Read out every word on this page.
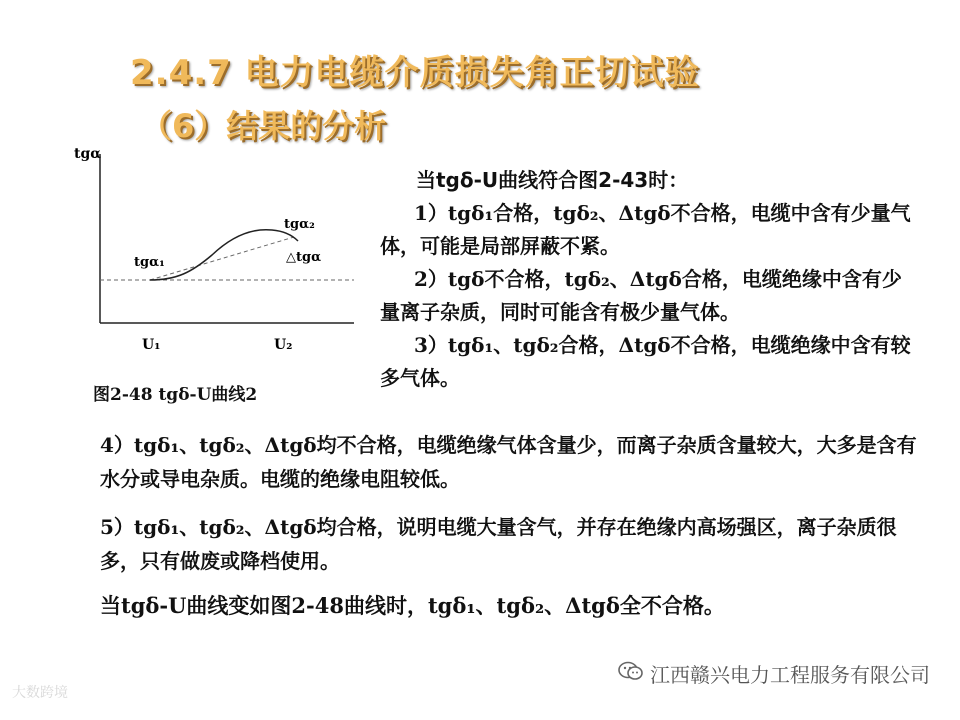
2.4.7 电力电缆介质损失角正切试验
（6）结果的分析
tgα
tgα₁
tgα₂
△tgα
U₁	U₂
图2-48 tgδ-U曲线2

当tgδ-U曲线符合图2-43时：

1）tgδ₁合格，tgδ₂、Δtgδ不合格，电缆中含有少量气体，可能是局部屏蔽不紧。

2）tgδ不合格，tgδ₂、Δtgδ合格，电缆绝缘中含有少量离子杂质，同时可能含有极少量气体。

3）tgδ₁、tgδ₂合格，Δtgδ不合格，电缆绝缘中含有较多气体。

4）tgδ₁、tgδ₂、Δtgδ均不合格，电缆绝缘气体含量少，而离子杂质含量较大，大多是含有水分或导电杂质。电缆的绝缘电阻较低。

5）tgδ₁、tgδ₂、Δtgδ均合格，说明电缆大量含气，并存在绝缘内高场强区，离子杂质很多，只有做废或降档使用。

当tgδ-U曲线变如图2-48曲线时，tgδ₁、tgδ₂、Δtgδ全不合格。

江西赣兴电力工程服务有限公司
大数跨境
